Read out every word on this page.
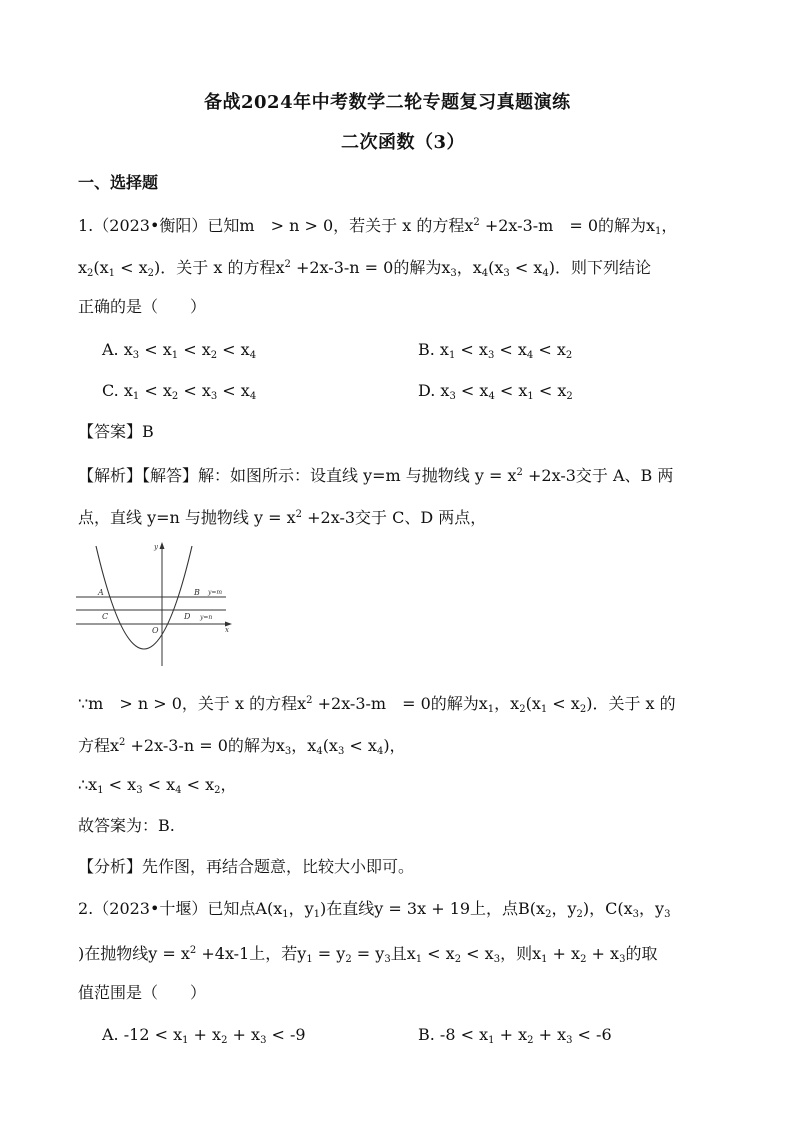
备战2024年中考数学二轮专题复习真题演练
二次函数（3）
一、选择题
1.（2023•衡阳）已知m　> n > 0，若关于 x 的方程$x^2 +2x-3-m$　= 0的解为$x_1$，
$x_2(x_1 < x_2)$．关于 x 的方程$x^2 +2x-3-n = 0$的解为$x_3$，$x_4(x_3 < x_4)$．则下列结论
正确的是（　　）
A. $x_3 < x_1 < x_2 < x_4$	B. $x_1 < x_3 < x_4 < x_2$
C. $x_1 < x_2 < x_3 < x_4$	D. $x_3 < x_4 < x_1 < x_2$
【答案】B
【解析】【解答】解：如图所示：设直线 y=m 与抛物线 $y = x^2 +2x-3$交于 A、B 两
点，直线 y=n 与抛物线 $y = x^2 +2x-3$交于 C、D 两点，
y
x
O
A	B
C	D
y=m
y=n
∵m　> n > 0，关于 x 的方程$x^2 +2x-3-m$　= 0的解为$x_1$，$x_2(x_1 < x_2)$．关于 x 的
方程$x^2 +2x-3-n = 0$的解为$x_3$，$x_4(x_3 < x_4)$，
$\therefore x_1 < x_3 < x_4 < x_2$，
故答案为：B.
【分析】先作图，再结合题意，比较大小即可。
2.（2023•十堰）已知点$A(x_1$，$y_1$)在直线y = 3x + 19上，点$B(x_2$，$y_2$)，$C(x_3$，$y_3$
)在抛物线$y = x^2 +4x-1$上，若$y_1 = y_2 = y_3$且$x_1 < x_2 < x_3$，则$x_1 + x_2 + x_3$的取
值范围是（　　）
A. $-12 < x_1 + x_2 + x_3 < -9$	B. $-8 < x_1 + x_2 + x_3 < -6$
